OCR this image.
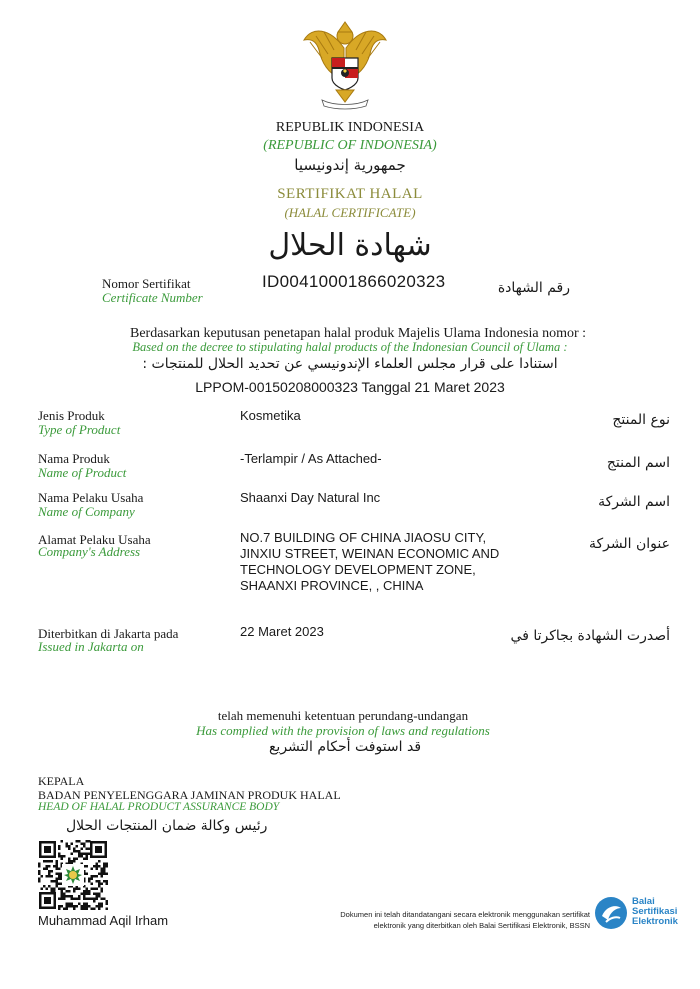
REPUBLIK INDONESIA
(REPUBLIC OF INDONESIA)
جمهورية إندونيسيا
SERTIFIKAT HALAL
(HALAL CERTIFICATE)
شهادة الحلال
Nomor Sertifikat
Certificate Number
ID00410001866020323	رقم الشهادة
Berdasarkan keputusan penetapan halal produk Majelis Ulama Indonesia nomor :
Based on the decree to stipulating halal products of the Indonesian Council of Ulama :
استنادا على قرار مجلس العلماء الإندونيسي عن تحديد الحلال للمنتجات :
LPPOM-00150208000323 Tanggal 21 Maret 2023
Jenis Produk
Type of Product
Kosmetika	نوع المنتج
Nama Produk
Name of Product
-Terlampir / As Attached-	اسم المنتج
Nama Pelaku Usaha
Name of Company
Shaanxi Day Natural Inc	اسم الشركة
Alamat Pelaku Usaha
Company's Address
NO.7 BUILDING OF CHINA JIAOSU CITY,
JINXIU STREET, WEINAN ECONOMIC AND
TECHNOLOGY DEVELOPMENT ZONE,
SHAANXI PROVINCE, , CHINA
عنوان الشركة
Diterbitkan di Jakarta pada
Issued in Jakarta on
22 Maret 2023	أصدرت الشهادة بجاكرتا في
telah memenuhi ketentuan perundang-undangan
Has complied with the provision of laws and regulations
قد استوفت أحكام التشريع
KEPALA
BADAN PENYELENGGARA JAMINAN PRODUK HALAL
HEAD OF HALAL PRODUCT ASSURANCE BODY
رئيس وكالة ضمان المنتجات الحلال
Muhammad Aqil Irham	Dokumen ini telah ditandatangani secara elektronik menggunakan sertifikat
elektronik yang diterbitkan oleh Balai Sertifikasi Elektronik, BSSN
Balai
Sertifikasi
Elektronik
